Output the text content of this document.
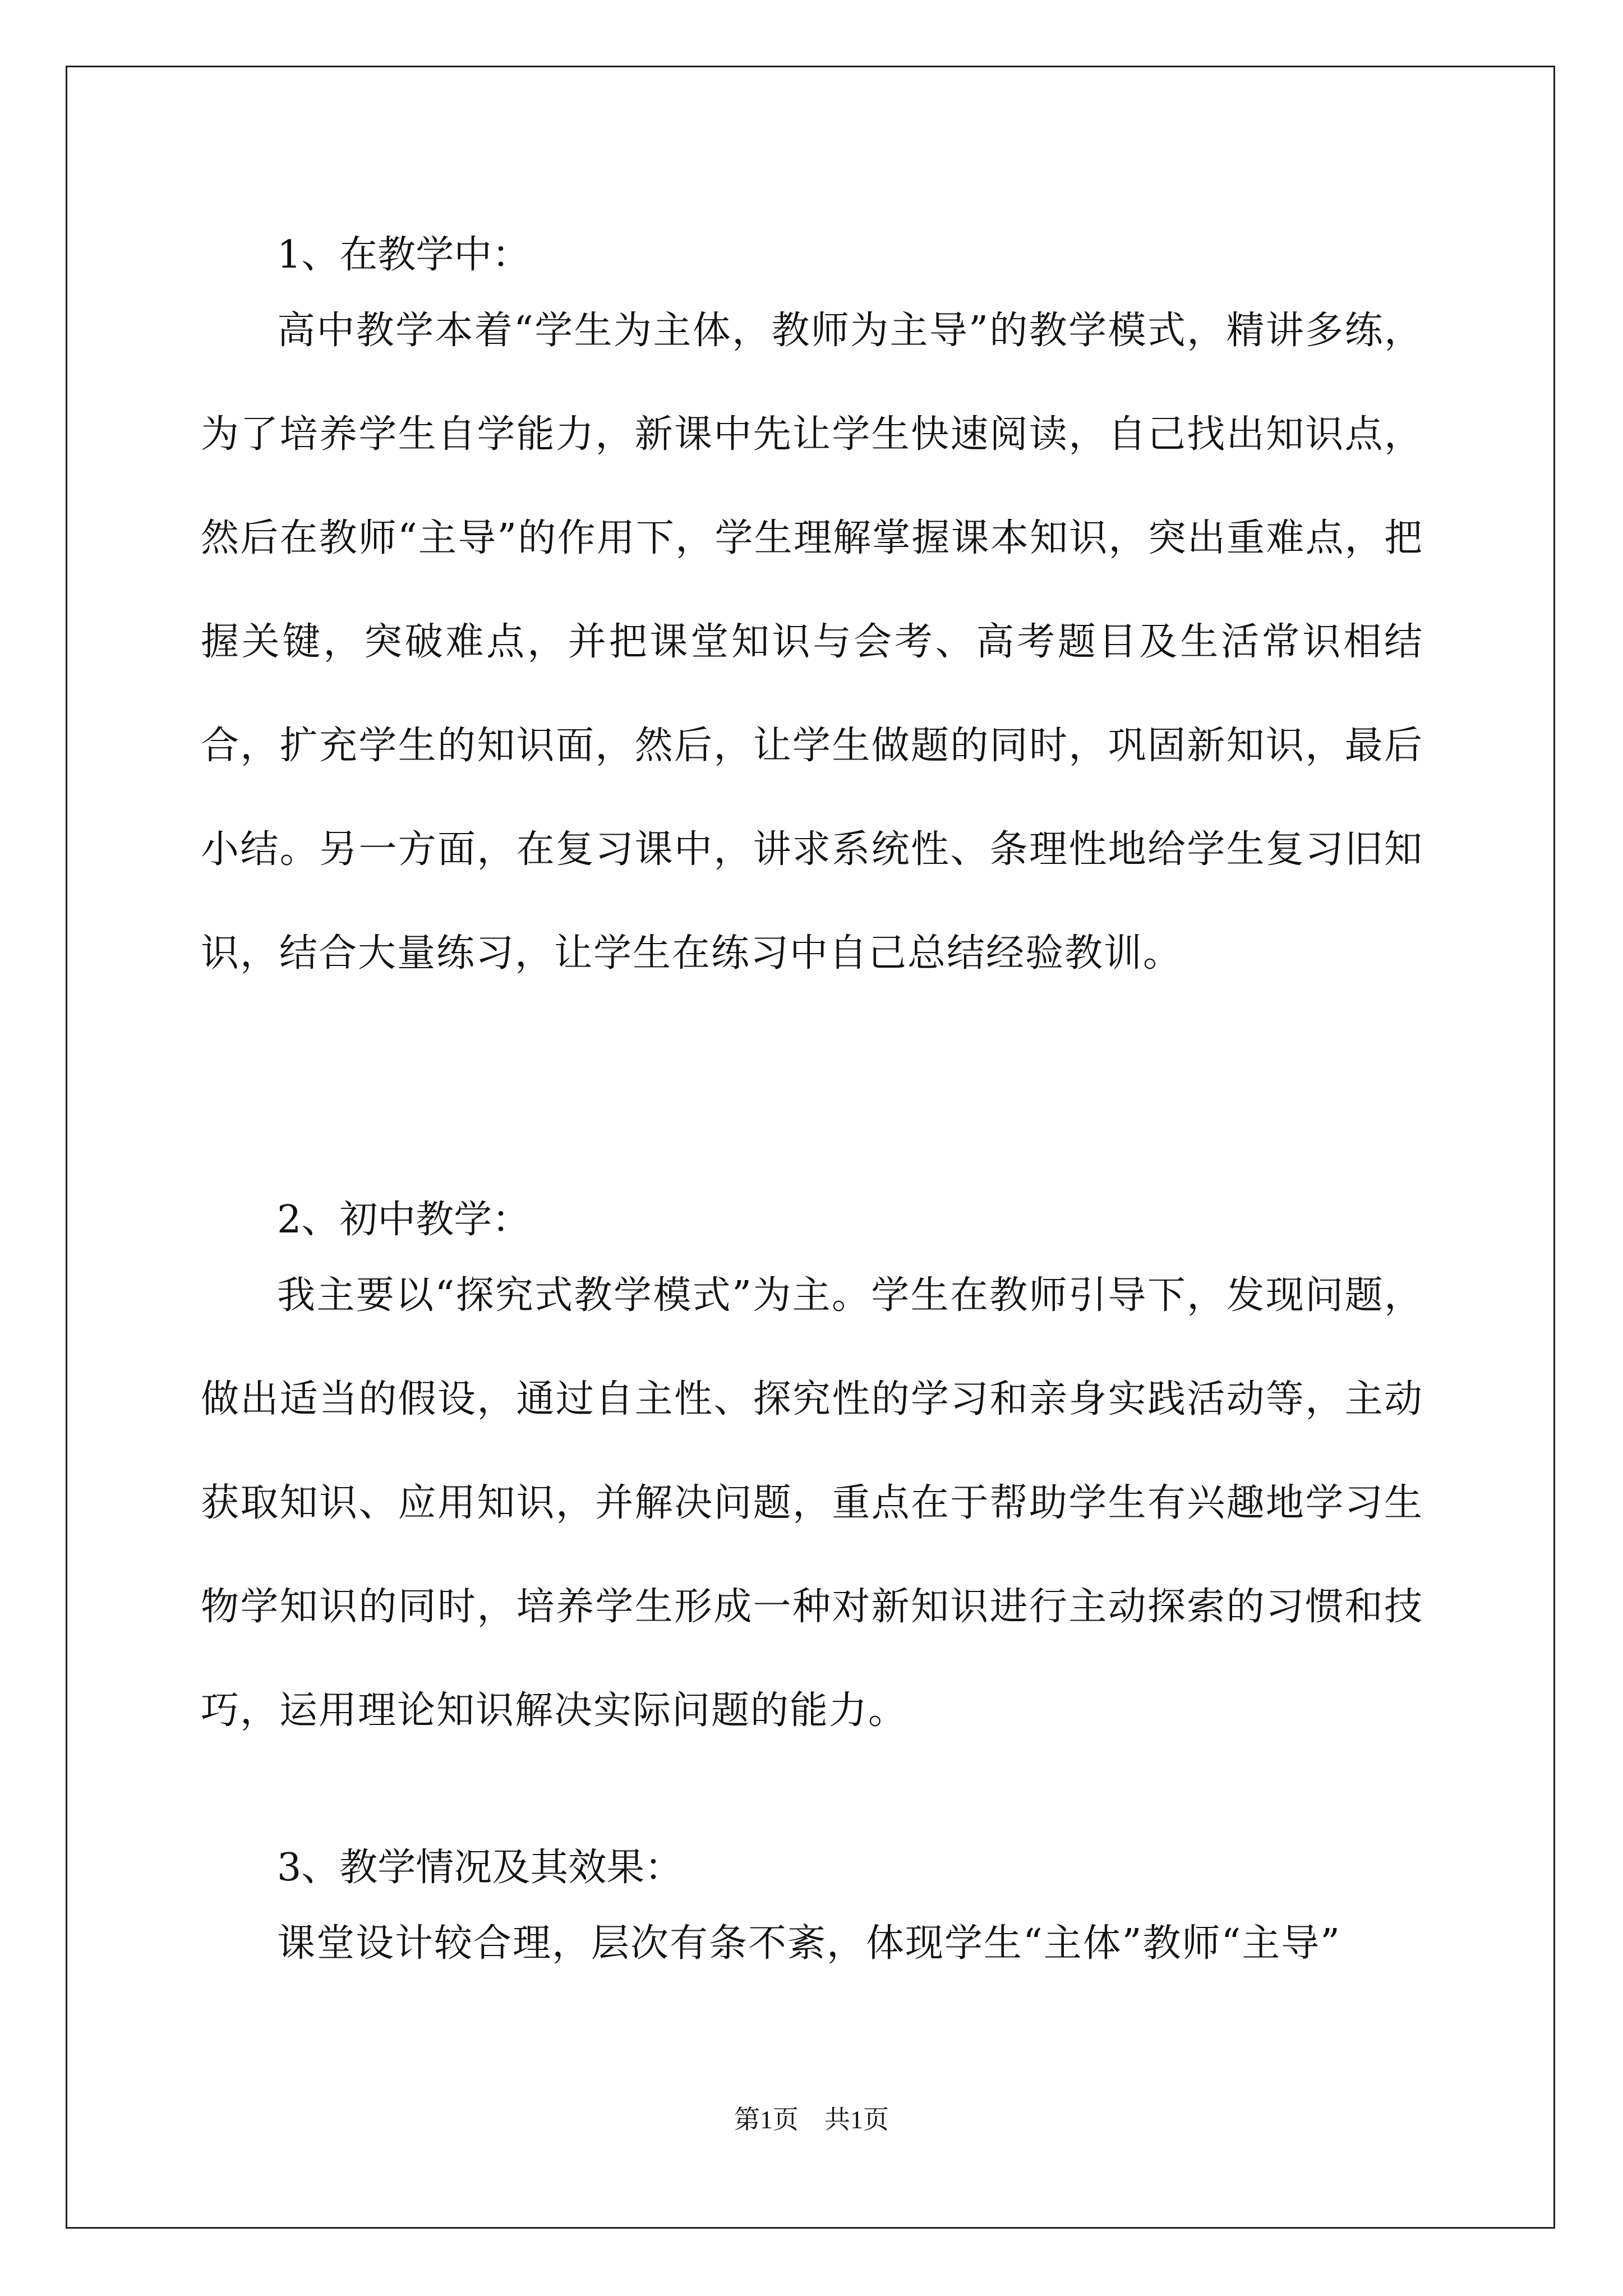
1、在教学中：

高中教学本着“学生为主体，教师为主导”的教学模式，精讲多练，为了培养学生自学能力，新课中先让学生快速阅读，自己找出知识点，然后在教师“主导”的作用下，学生理解掌握课本知识，突出重难点，把握关键，突破难点，并把课堂知识与会考、高考题目及生活常识相结合，扩充学生的知识面，然后，让学生做题的同时，巩固新知识，最后小结。另一方面，在复习课中，讲求系统性、条理性地给学生复习旧知识，结合大量练习，让学生在练习中自己总结经验教训。

2、初中教学：

我主要以“探究式教学模式”为主。学生在教师引导下，发现问题，做出适当的假设，通过自主性、探究性的学习和亲身实践活动等，主动获取知识、应用知识，并解决问题，重点在于帮助学生有兴趣地学习生物学知识的同时，培养学生形成一种对新知识进行主动探索的习惯和技巧，运用理论知识解决实际问题的能力。

3、教学情况及其效果：

课堂设计较合理，层次有条不紊，体现学生“主体”教师“主导”

第1页　共1页
